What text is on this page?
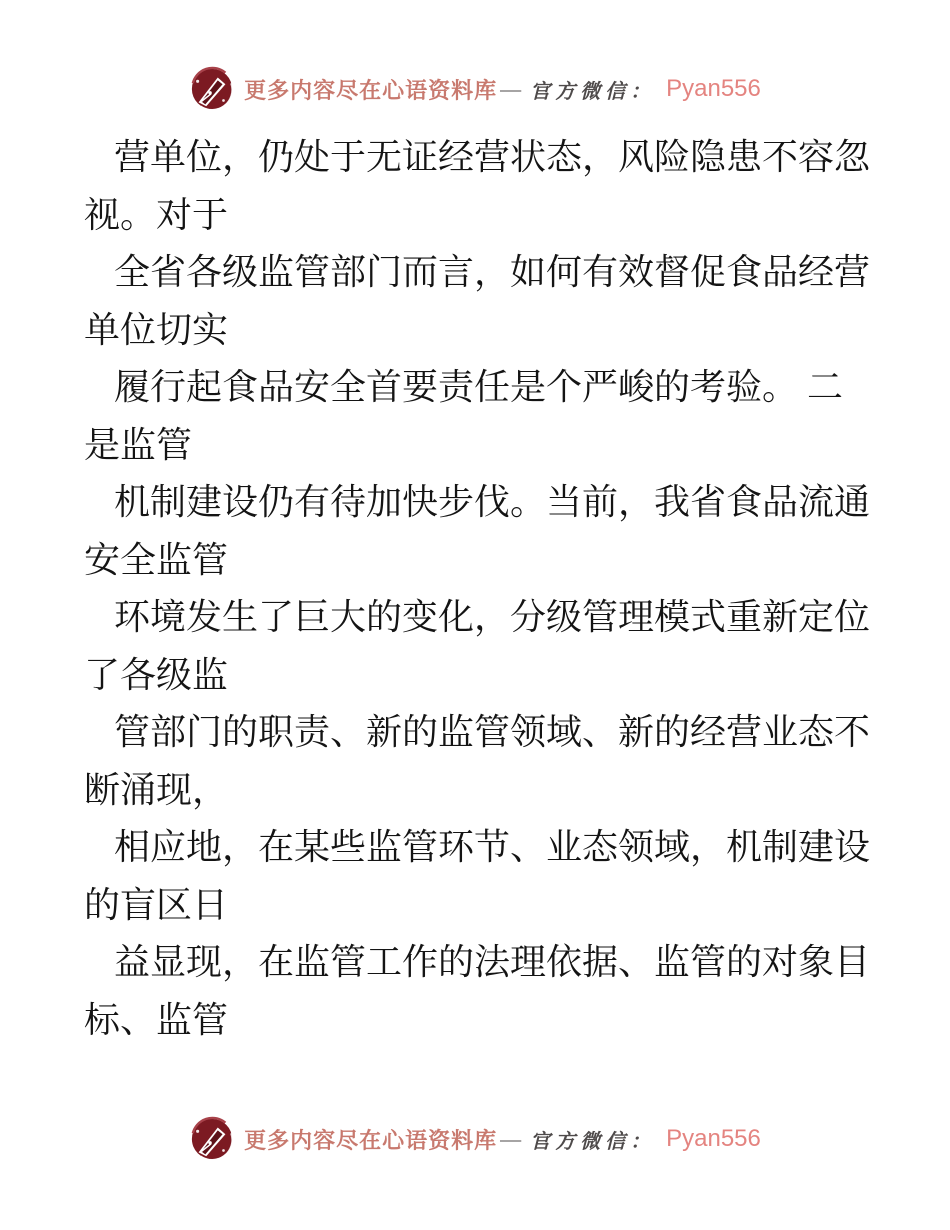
更多内容尽在心语资料库 — 官方微信： Pyan556
营单位，仍处于无证经营状态，风险隐患不容忽
视。对于
全省各级监管部门而言，如何有效督促食品经营
单位切实
履行起食品安全首要责任是个严峻的考验。 二
是监管
机制建设仍有待加快步伐。当前，我省食品流通
安全监管
环境发生了巨大的变化，分级管理模式重新定位
了各级监
管部门的职责、新的监管领域、新的经营业态不
断涌现，
相应地，在某些监管环节、业态领域，机制建设
的盲区日
益显现，在监管工作的法理依据、监管的对象目
标、监管
更多内容尽在心语资料库 — 官方微信： Pyan556
